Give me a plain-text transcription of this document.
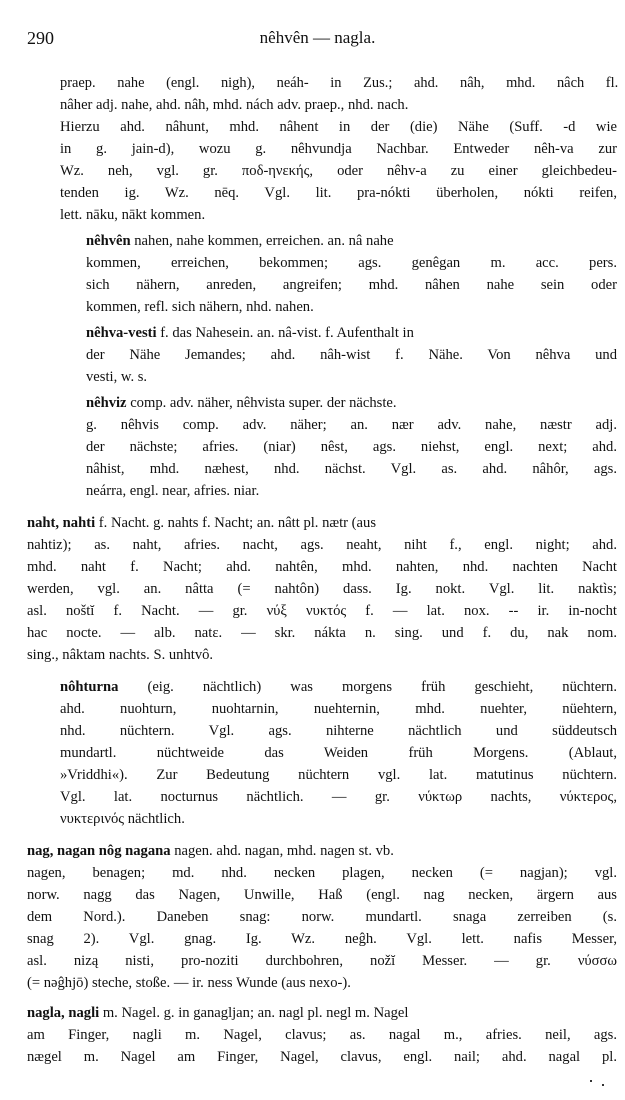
290	nêhvên — nagla.
praep. nahe (engl. nigh), neáh- in Zus.; ahd. nâh, mhd. nâch fl.
nâher adj. nahe, ahd. nâh, mhd. nách adv. praep., nhd. nach.
Hierzu ahd. nâhunt, mhd. nâhent in der (die) Nähe (Suff. -d wie
in g. jain-d), wozu g. nêhvundja Nachbar. Entweder nêh-va zur
Wz. neh, vgl. gr. ποδ-ηνεκής, oder nêhv-a zu einer gleichbedeu-
tenden ig. Wz. nēq. Vgl. lit. pra-nókti überholen, nókti reifen,
lett. nāku, nākt kommen.
nêhvên nahen, nahe kommen, erreichen. an. nâ nahe
kommen, erreichen, bekommen; ags. genêgan m. acc. pers.
sich nähern, anreden, angreifen; mhd. nâhen nahe sein oder
kommen, refl. sich nähern, nhd. nahen.
nêhva-vesti f. das Nahesein. an. nâ-vist. f. Aufenthalt in
der Nähe Jemandes; ahd. nâh-wist f. Nähe. Von nêhva und
vesti, w. s.
nêhviz comp. adv. näher, nêhvista super. der nächste.
g. nêhvis comp. adv. näher; an. nær adv. nahe, næstr adj.
der nächste; afries. (niar) nêst, ags. niehst, engl. next; ahd.
nâhist, mhd. næhest, nhd. nächst. Vgl. as. ahd. nâhôr, ags.
neárra, engl. near, afries. niar.
naht, nahti f. Nacht. g. nahts f. Nacht; an. nâtt pl. nætr (aus
nahtiz); as. naht, afries. nacht, ags. neaht, niht f., engl. night; ahd.
mhd. naht f. Nacht; ahd. nahtên, mhd. nahten, nhd. nachten Nacht
werden, vgl. an. nâtta (= nahtôn) dass. Ig. nokt. Vgl. lit. naktìs;
asl. noštĭ f. Nacht. — gr. νύξ νυκτός f. — lat. nox. -- ir. in-nocht
hac nocte. — alb. natε. — skr. nákta n. sing. und f. du, nak nom.
sing., nâktam nachts. S. unhtvô.
nôhturna (eig. nächtlich) was morgens früh geschieht, nüchtern.
ahd. nuohturn, nuohtarnin, nuehternin, mhd. nuehter, nüehtern,
nhd. nüchtern. Vgl. ags. nihterne nächtlich und süddeutsch
mundartl. nüchtweide das Weiden früh Morgens. (Ablaut,
»Vriddhi«). Zur Bedeutung nüchtern vgl. lat. matutinus nüchtern.
Vgl. lat. nocturnus nächtlich. — gr. νύκτωρ nachts, νύκτερος,
νυκτερινός nächtlich.
nag, nagan nôg nagana nagen. ahd. nagan, mhd. nagen st. vb.
nagen, benagen; md. nhd. necken plagen, necken (= nagjan); vgl.
norw. nagg das Nagen, Unwille, Haß (engl. nag necken, ärgern aus
dem Nord.). Daneben snag: norw. mundartl. snaga zerreiben (s.
snag 2). Vgl. gnag. Ig. Wz. neĝh. Vgl. lett. nafis Messer,
asl. nizą nisti, pro-noziti durchbohren, nožĭ Messer. — gr. νύσσω
(= nəĝhjō) steche, stoße. — ir. ness Wunde (aus nexo-).
nagla, nagli m. Nagel. g. in ganagljan; an. nagl pl. negl m. Nagel
am Finger, nagli m. Nagel, clavus; as. nagal m., afries. neil, ags.
nægel m. Nagel am Finger, Nagel, clavus, engl. nail; ahd. nagal pl.
